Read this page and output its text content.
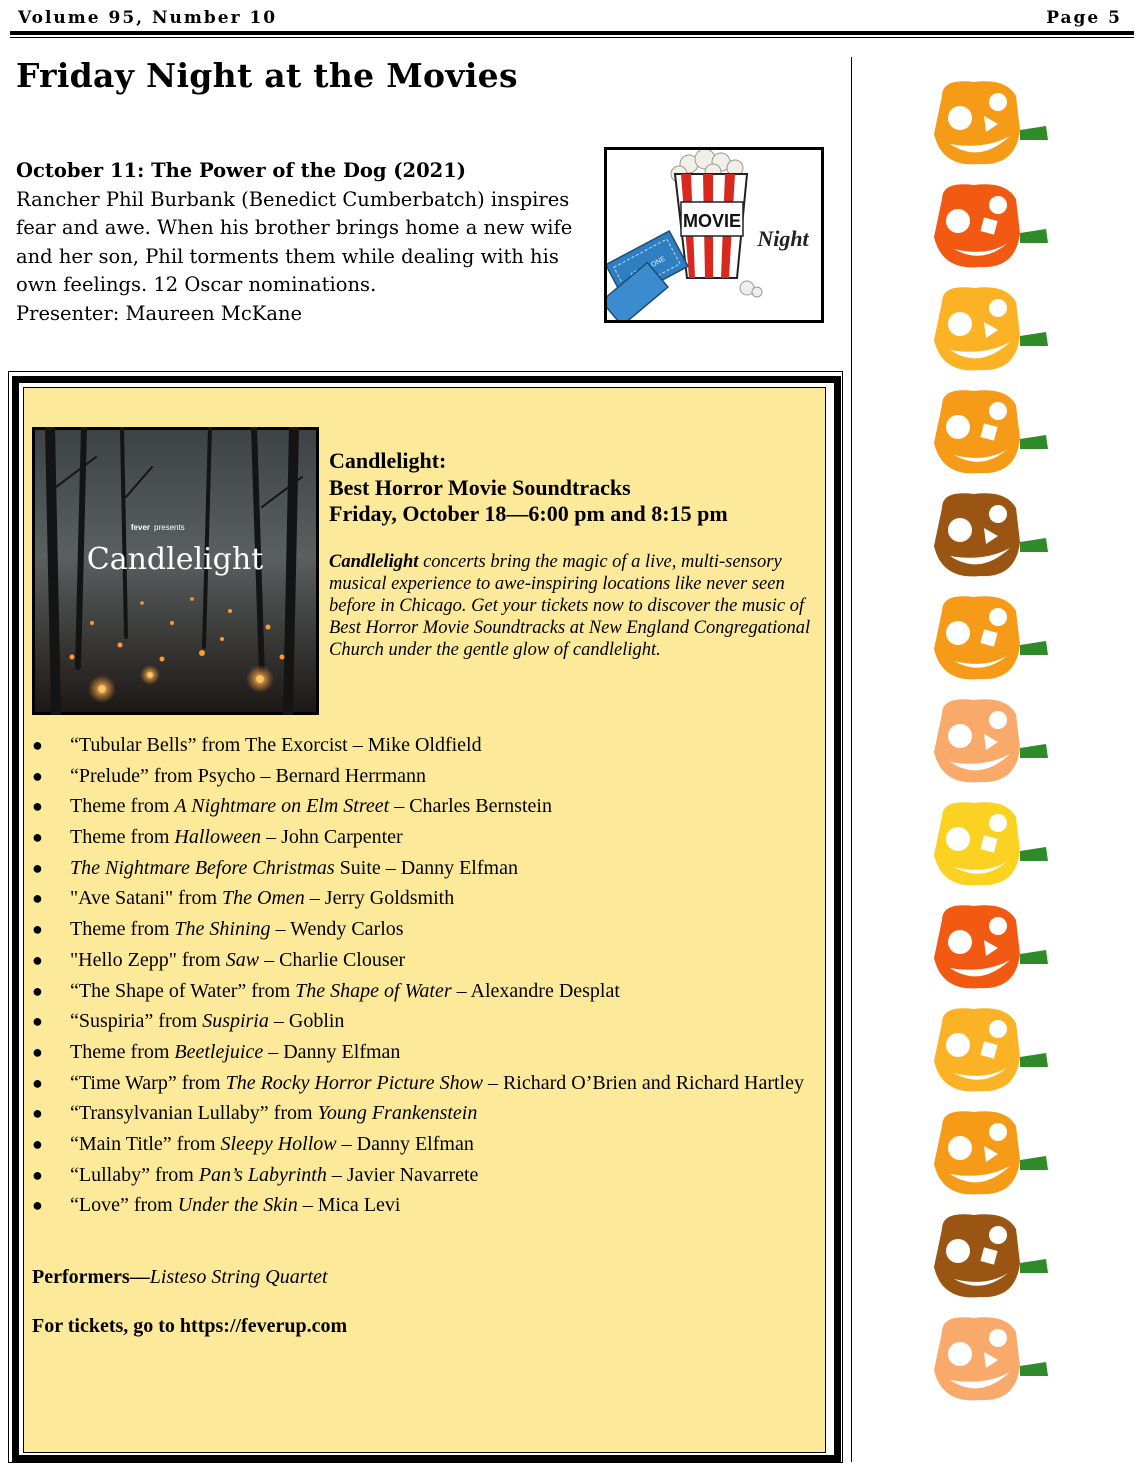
Volume 95, Number 10	Page 5
Friday Night at the Movies
October 11: The Power of the Dog (2021)
Rancher Phil Burbank (Benedict Cumberbatch) inspires
fear and awe. When his brother brings home a new wife
and her son, Phil torments them while dealing with his
own feelings. 12 Oscar nominations.
Presenter: Maureen McKane
MOVIE
Night
fever presents
Candlelight
Candlelight:
Best Horror Movie Soundtracks
Friday, October 18—6:00 pm and 8:15 pm
Candlelight concerts bring the magic of a live, multi-sensory musical experience to awe-inspiring locations like never seen before in Chicago. Get your tickets now to discover the music of Best Horror Movie Soundtracks at New England Congregational Church under the gentle glow of candlelight.
● “Tubular Bells” from The Exorcist – Mike Oldfield
● “Prelude” from Psycho – Bernard Herrmann
● Theme from A Nightmare on Elm Street – Charles Bernstein
● Theme from Halloween – John Carpenter
● The Nightmare Before Christmas Suite – Danny Elfman
● "Ave Satani" from The Omen – Jerry Goldsmith
● Theme from The Shining – Wendy Carlos
● "Hello Zepp" from Saw – Charlie Clouser
● “The Shape of Water” from The Shape of Water – Alexandre Desplat
● “Suspiria” from Suspiria – Goblin
● Theme from Beetlejuice – Danny Elfman
● “Time Warp” from The Rocky Horror Picture Show – Richard O’Brien and Richard Hartley
● “Transylvanian Lullaby” from Young Frankenstein
● “Main Title” from Sleepy Hollow – Danny Elfman
● “Lullaby” from Pan’s Labyrinth – Javier Navarrete
● “Love” from Under the Skin – Mica Levi
Performers—Listeso String Quartet
For tickets, go to https://feverup.com
